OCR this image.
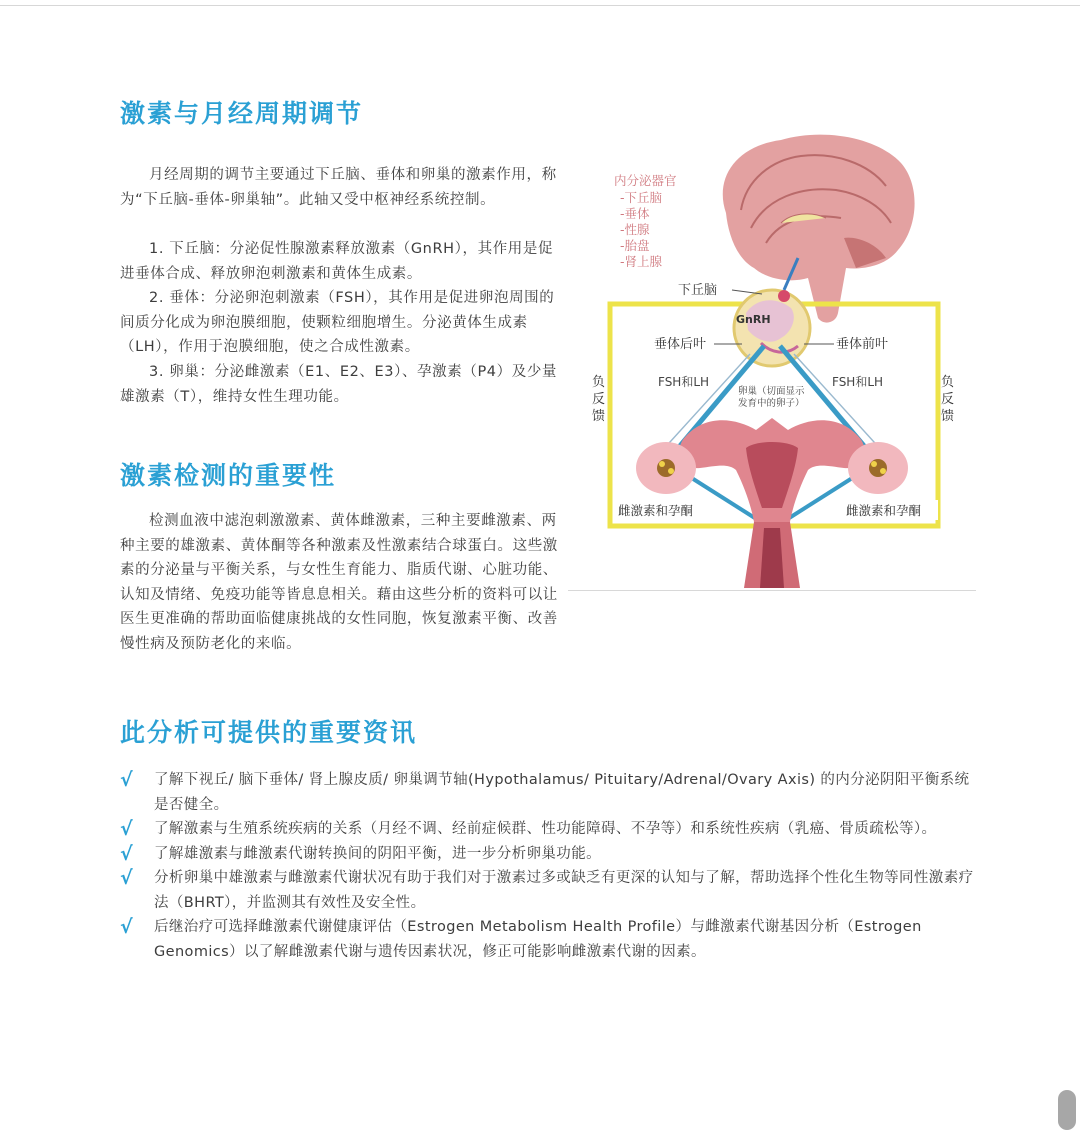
激素与月经周期调节

月经周期的调节主要通过下丘脑、垂体和卵巢的激素作用，称为“下丘脑‑垂体‑卵巢轴”。此轴又受中枢神经系统控制。

1. 下丘脑：分泌促性腺激素释放激素（GnRH），其作用是促进垂体合成、释放卵泡刺激素和黄体生成素。

2. 垂体：分泌卵泡刺激素（FSH），其作用是促进卵泡周围的间质分化成为卵泡膜细胞，使颗粒细胞增生。分泌黄体生成素（LH），作用于泡膜细胞，使之合成性激素。

3. 卵巢：分泌雌激素（E1、E2、E3）、孕激素（P4）及少量雄激素（T），维持女性生理功能。

内分泌器官
-下丘脑
-垂体
-性腺
-胎盘
-肾上腺
GnRH
下丘脑
垂体后叶	垂体前叶
FSH和LH	FSH和LH
卵巢（切面显示
发育中的卵子）
负反馈
负反馈
雌激素和孕酮	雌激素和孕酮
激素检测的重要性

检测血液中滤泡刺激激素、黄体雌激素，三种主要雌激素、两种主要的雄激素、黄体酮等各种激素及性激素结合球蛋白。这些激素的分泌量与平衡关系，与女性生育能力、脂质代谢、心脏功能、认知及情绪、免疫功能等皆息息相关。藉由这些分析的资料可以让医生更准确的帮助面临健康挑战的女性同胞，恢复激素平衡、改善慢性病及预防老化的来临。

此分析可提供的重要资讯
√ 了解下视丘/ 脑下垂体/ 肾上腺皮质/ 卵巢调节轴(Hypothalamus/ Pituitary/Adrenal/Ovary Axis) 的内分泌阴阳平衡系统是否健全。
√ 了解激素与生殖系统疾病的关系（月经不调、经前症候群、性功能障碍、不孕等）和系统性疾病（乳癌、骨质疏松等）。
√ 了解雄激素与雌激素代谢转换间的阴阳平衡，进一步分析卵巢功能。
√ 分析卵巢中雄激素与雌激素代谢状况有助于我们对于激素过多或缺乏有更深的认知与了解，帮助选择个性化生物等同性激素疗法（BHRT），并监测其有效性及安全性。
√ 后继治疗可选择雌激素代谢健康评估（Estrogen Metabolism Health Profile）与雌激素代谢基因分析（Estrogen Genomics）以了解雌激素代谢与遗传因素状况，修正可能影响雌激素代谢的因素。
